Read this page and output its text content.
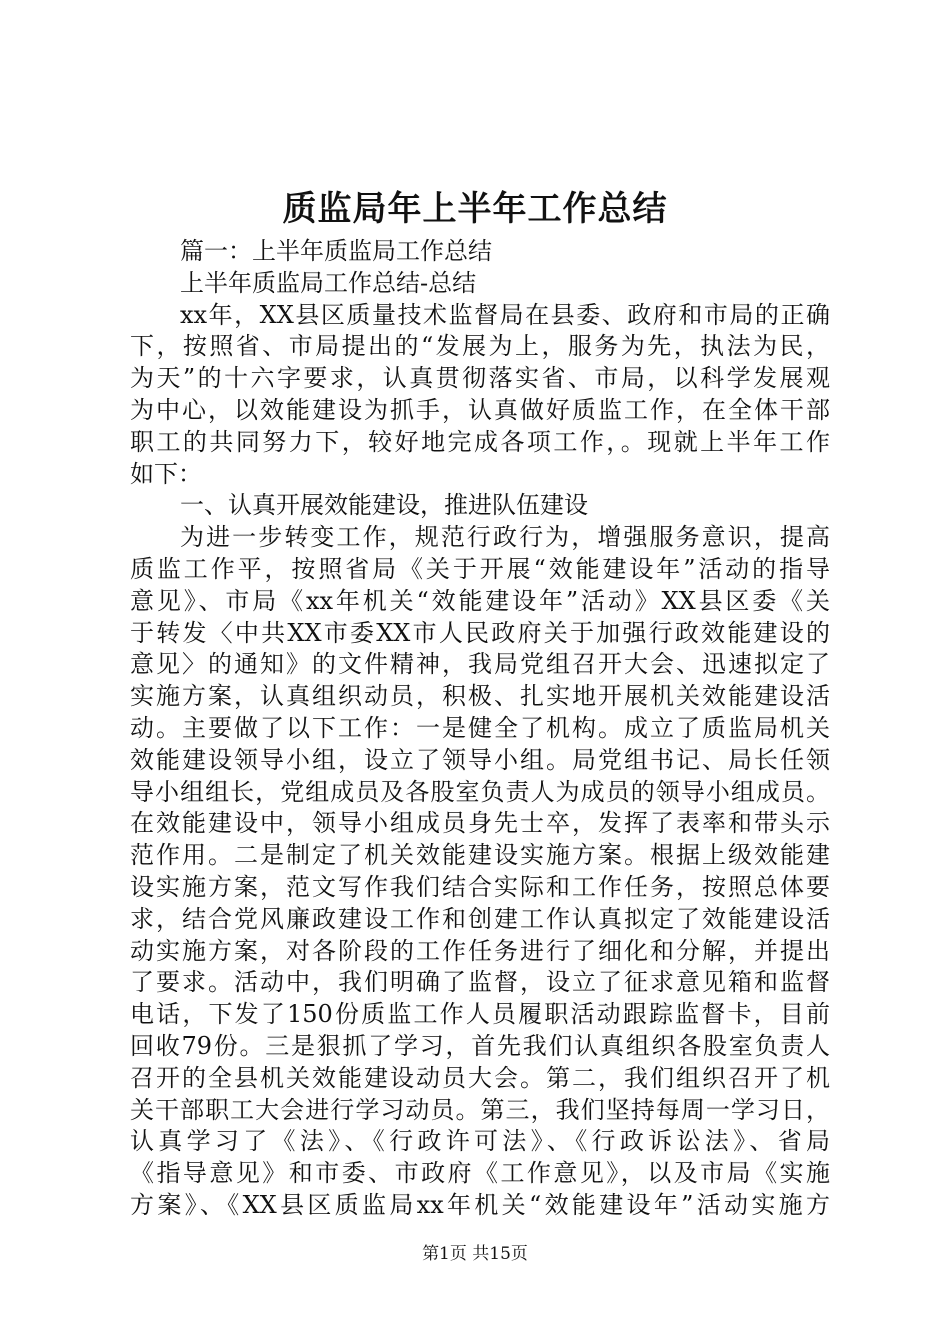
质监局年上半年工作总结
篇一：上半年质监局工作总结
上半年质监局工作总结-总结
xx年，XX县区质量技术监督局在县委、政府和市局的正确
下，按照省、市局提出的“发展为上，服务为先，执法为民，
为天”的十六字要求，认真贯彻落实省、市局，以科学发展观
为中心，以效能建设为抓手，认真做好质监工作，在全体干部
职工的共同努力下，较好地完成各项工作，。现就上半年工作
如下：
一、认真开展效能建设，推进队伍建设
为进一步转变工作，规范行政行为，增强服务意识，提高
质监工作平，按照省局《关于开展“效能建设年”活动的指导
意见》、市局《xx年机关“效能建设年”活动》XX县区委《关
于转发〈中共XX市委XX市人民政府关于加强行政效能建设的
意见〉的通知》的文件精神，我局党组召开大会、迅速拟定了
实施方案，认真组织动员，积极、扎实地开展机关效能建设活
动。主要做了以下工作：一是健全了机构。成立了质监局机关
效能建设领导小组，设立了领导小组。局党组书记、局长任领
导小组组长，党组成员及各股室负责人为成员的领导小组成员。
在效能建设中，领导小组成员身先士卒，发挥了表率和带头示
范作用。二是制定了机关效能建设实施方案。根据上级效能建
设实施方案，范文写作我们结合实际和工作任务，按照总体要
求，结合党风廉政建设工作和创建工作认真拟定了效能建设活
动实施方案，对各阶段的工作任务进行了细化和分解，并提出
了要求。活动中，我们明确了监督，设立了征求意见箱和监督
电话，下发了150份质监工作人员履职活动跟踪监督卡，目前
回收79份。三是狠抓了学习，首先我们认真组织各股室负责人
召开的全县机关效能建设动员大会。第二，我们组织召开了机
关干部职工大会进行学习动员。第三，我们坚持每周一学习日，
认真学习了《法》、《行政许可法》、《行政诉讼法》、省局
《指导意见》和市委、市政府《工作意见》，以及市局《实施
方案》、《XX县区质监局xx年机关“效能建设年”活动实施方
第1页 共15页
